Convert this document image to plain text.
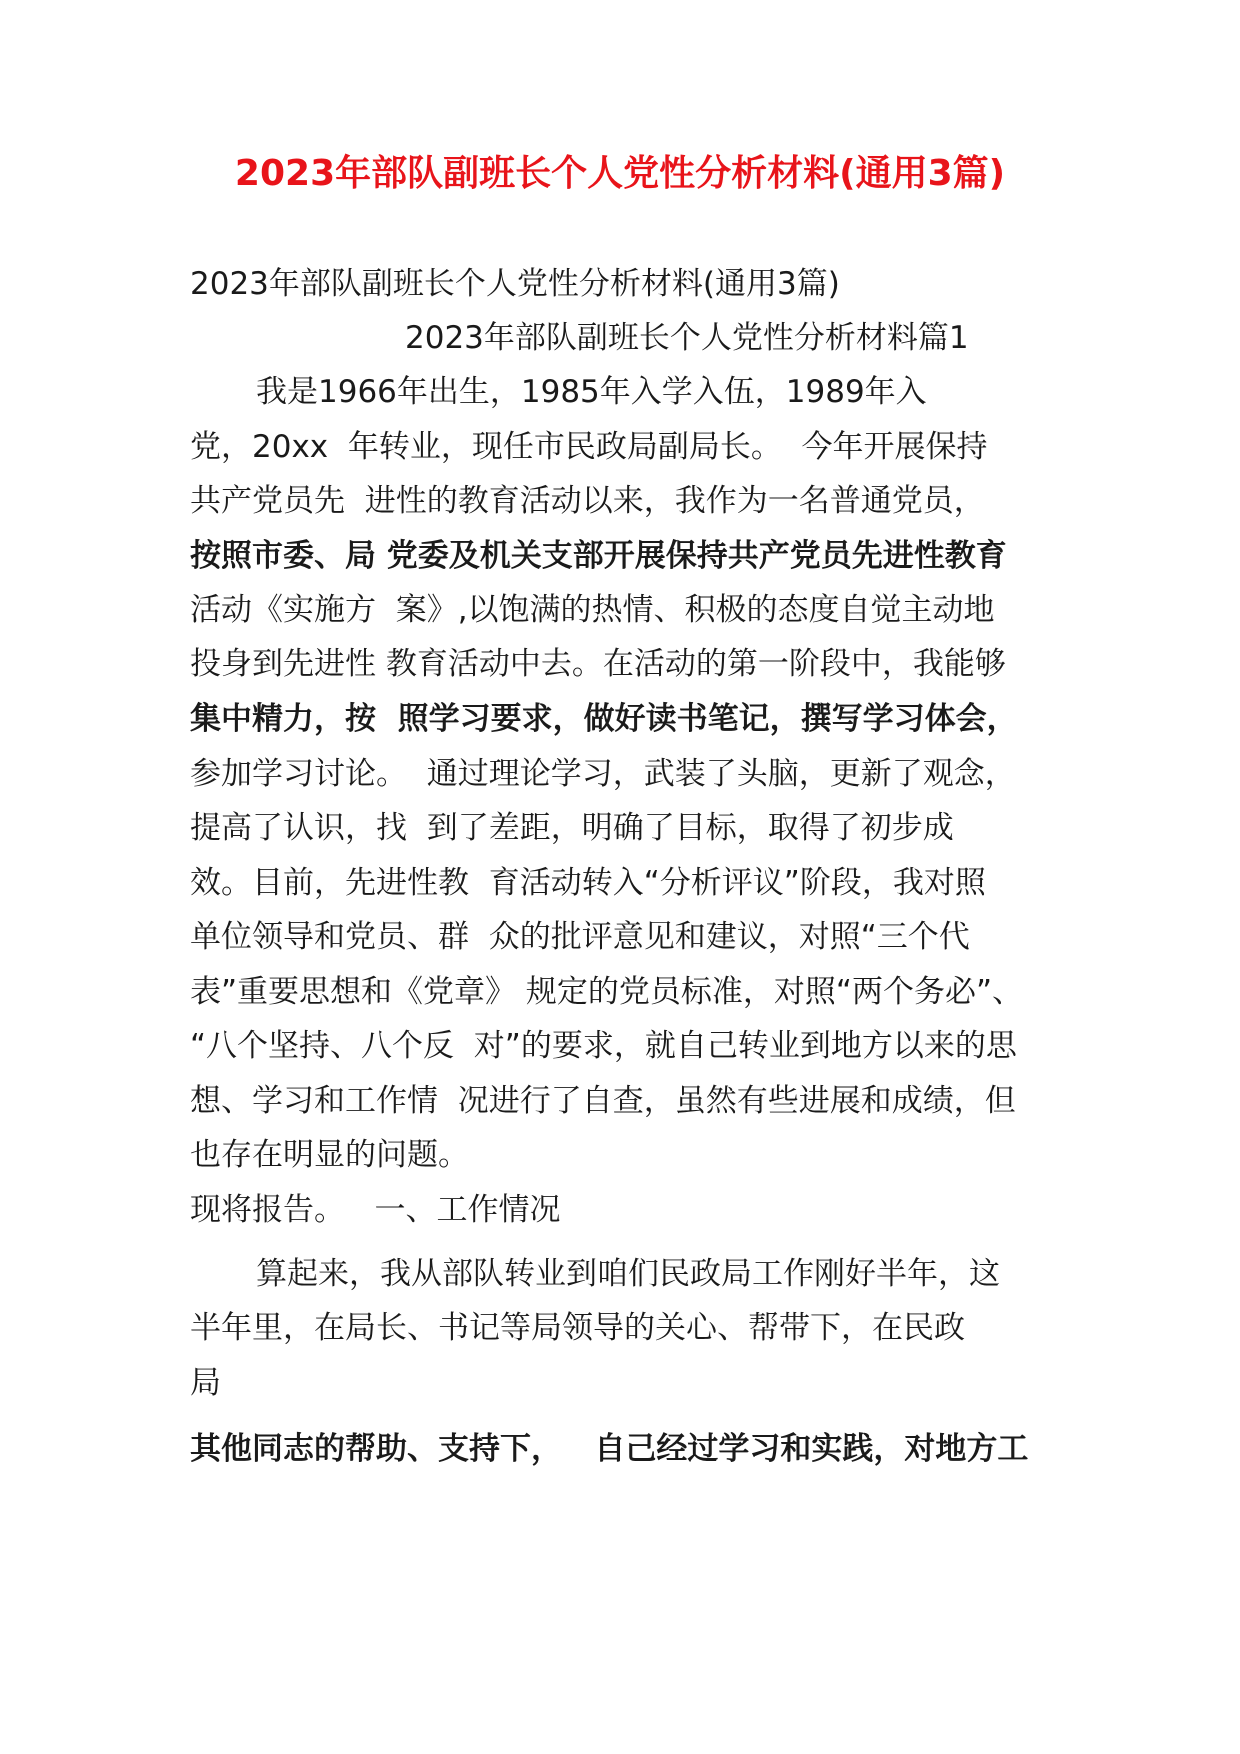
2023年部队副班长个人党性分析材料(通用3篇)
2023年部队副班长个人党性分析材料(通用3篇)
2023年部队副班长个人党性分析材料篇1
我是1966年出生，1985年入学入伍，1989年入
党，20xx  年转业，现任市民政局副局长。  今年开展保持
共产党员先  进性的教育活动以来，我作为一名普通党员，
按照市委、局 党委及机关支部开展保持共产党员先进性教育
活动《实施方  案》,以饱满的热情、积极的态度自觉主动地
投身到先进性 教育活动中去。在活动的第一阶段中，我能够
集中精力，按  照学习要求，做好读书笔记，撰写学习体会，
参加学习讨论。  通过理论学习，武装了头脑，更新了观念，
提高了认识，找  到了差距，明确了目标，取得了初步成
效。目前，先进性教  育活动转入“分析评议”阶段，我对照
单位领导和党员、群  众的批评意见和建议，对照“三个代
表”重要思想和《党章》 规定的党员标准，对照“两个务必”、
“八个坚持、八个反  对”的要求，就自己转业到地方以来的思
想、学习和工作情  况进行了自查，虽然有些进展和成绩，但
也存在明显的问题。
现将报告。   一、工作情况
算起来，我从部队转业到咱们民政局工作刚好半年，这
半年里，在局长、书记等局领导的关心、帮带下，在民政
局
其他同志的帮助、支持下，   自己经过学习和实践，对地方工
